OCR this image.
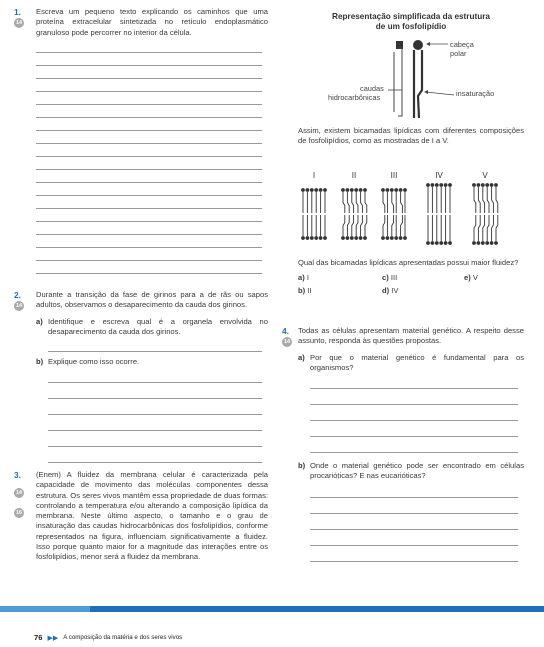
1.
14
Escreva um pequeno texto explicando os caminhos que uma proteína extracelular sintetizada no retículo endoplasmático granuloso pode percorrer no interior da célula.
2.
14
Durante a transição da fase de girinos para a de rãs ou sapos adultos, observamos o desaparecimento da cauda dos girinos.
a) Identifique e escreva qual é a organela envolvida no desaparecimento da cauda dos girinos.
b) Explique como isso ocorre.
3.
14
16
(Enem) A fluidez da membrana celular é caracterizada pela capacidade de movimento das moléculas componentes dessa estrutura. Os seres vivos mantêm essa propriedade de duas formas: controlando a temperatura e/ou alterando a composição lipídica da membrana. Neste último aspecto, o tamanho e o grau de insaturação das caudas hidrocarbônicas dos fosfolipídios, conforme representados na figura, influenciam significativamente a fluidez. Isso porque quanto maior for a magnitude das interações entre os fosfolipídios, menor será a fluidez da membrana.
Representação simplificada da estrutura
de um fosfolipídio
cabeça
polar
caudas
hidrocarbônicas	insaturação
Assim, existem bicamadas lipídicas com diferentes composições de fosfolipídios, como as mostradas de I a V.
I	II	III	IV	V
Qual das bicamadas lipídicas apresentadas possui maior fluidez?
a) I	c) III	e) V
b) II	d) IV
4.
14
Todas as células apresentam material genético. A respeito desse assunto, responda às questões propostas.
a) Por que o material genético é fundamental para os organismos?
b) Onde o material genético pode ser encontrado em células procarióticas? E nas eucarióticas?
76 ▶▶ A composição da matéria e dos seres vivos
